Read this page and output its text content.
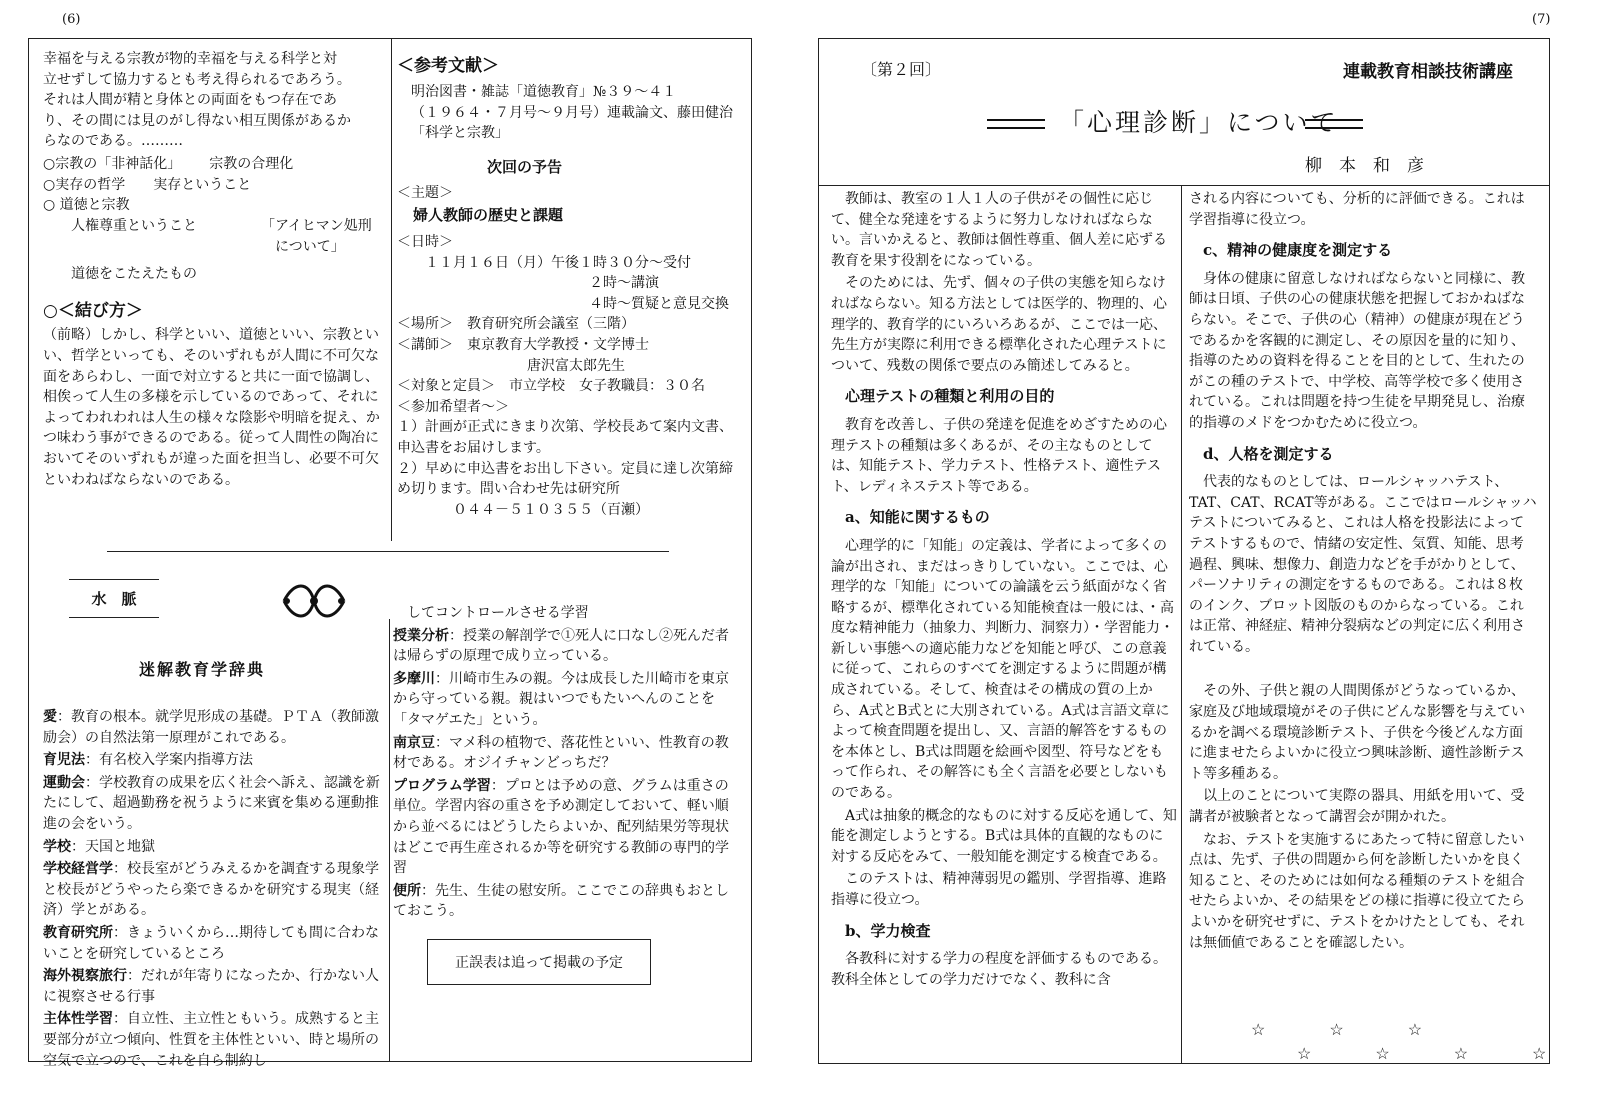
(6)
幸福を与える宗教が物的幸福を与える科学と対
立せずして協力するとも考え得られるであろう。
それは人間が精と身体との両面をもつ存在であ
り、その間には見のがし得ない相互関係があるか
らなのである。………
○宗教の「非神話化」 宗教の合理化
○実存の哲学 実存ということ
○ 道徳と宗教
人権尊重ということ	「アイヒマン処刑
について」
道徳をこたえたもの
○＜結び方＞
（前略）しかし、科学といい、道徳といい、宗教といい、哲学といっても、そのいずれもが人間に不可欠な面をあらわし、一面で対立すると共に一面で協調し、相俟って人生の多様を示しているのであって、それによってわれわれは人生の様々な陰影や明暗を捉え、かつ味わう事ができるのである。従って人間性の陶冶においてそのいずれもが違った面を担当し、必要不可欠といわねばならないのである。
＜参考文献＞
明治図書・雑誌「道徳教育」№３９～４１
（１９６４・７月号～９月号）連載論文、藤田健治
「科学と宗教」
次回の予告
＜主題＞
婦人教師の歴史と課題
＜日時＞
１１月１６日（月）午後１時３０分～受付
２時～講演
４時～質疑と意見交換
＜場所＞　教育研究所会議室（三階）
＜講師＞　東京教育大学教授・文学博士
唐沢富太郎先生
＜対象と定員＞　市立学校　女子教職員：３０名
＜参加希望者～＞
１）計画が正式にきまり次第、学校長あて案内文書、申込書をお届けします。
２）早めに申込書をお出し下さい。定員に達し次第締め切ります。問い合わせ先は研究所
０４４－５１０３５５（百瀬）
水　脈
迷解教育学辞典
愛：教育の根本。就学児形成の基礎。ＰＴＡ（教師激励会）の自然法第一原理がこれである。
育児法：有名校入学案内指導方法
運動会：学校教育の成果を広く社会へ訴え、認識を新たにして、超過勤務を祝うように来賓を集める運動推進の会をいう。
学校：天国と地獄
学校経営学：校長室がどうみえるかを調査する現象学と校長がどうやったら楽できるかを研究する現実（経済）学とがある。
教育研究所：きょういくから…期待しても間に合わないことを研究しているところ
海外視察旅行：だれが年寄りになったか、行かない人に視察させる行事
主体性学習：自立性、主立性ともいう。成熟すると主要部分が立つ傾向、性質を主体性といい、時と場所の空気で立つので、これを自ら制約し
してコントロールさせる学習
授業分析：授業の解剖学で①死人に口なし②死んだ者は帰らずの原理で成り立っている。
多摩川：川崎市生みの親。今は成長した川崎市を東京から守っている親。親はいつでもたいへんのことを「タマゲエた」という。
南京豆：マメ科の植物で、落花性といい、性教育の教材である。オジイチャンどっちだ？
プログラム学習：プロとは予めの意、グラムは重さの単位。学習内容の重さを予め測定しておいて、軽い順から並べるにはどうしたらよいか、配列結果労等現状はどこで再生産されるか等を研究する教師の専門的学習
便所：先生、生徒の慰安所。ここでこの辞典もおとしておこう。
正誤表は追って掲載の予定
(7)
〔第２回〕	連載教育相談技術講座
「心理診断」について
柳　本　和　彦
教師は、教室の１人１人の子供がその個性に応じて、健全な発達をするように努力しなければならない。言いかえると、教師は個性尊重、個人差に応ずる教育を果す役割をになっている。
そのためには、先ず、個々の子供の実態を知らなければならない。知る方法としては医学的、物理的、心理学的、教育学的にいろいろあるが、ここでは一応、先生方が実際に利用できる標準化された心理テストについて、残数の関係で要点のみ簡述してみると。
心理テストの種類と利用の目的
教育を改善し、子供の発達を促進をめざすための心理テストの種類は多くあるが、その主なものとしては、知能テスト、学力テスト、性格テスト、適性テスト、レディネステスト等である。
a、知能に関するもの
心理学的に「知能」の定義は、学者によって多くの論が出され、まだはっきりしていない。ここでは、心理学的な「知能」についての論議を云う紙面がなく省略するが、標準化されている知能検査は一般には、・高度な精神能力（抽象力、判断力、洞察力）・学習能力・新しい事態への適応能力などを知能と呼び、この意義に従って、これらのすべてを測定するように問題が構成されている。そして、検査はその構成の質の上から、A式とB式とに大別されている。A式は言語文章によって検査問題を提出し、又、言語的解答をするものを本体とし、B式は問題を絵画や図型、符号などをもって作られ、その解答にも全く言語を必要としないものである。
A式は抽象的概念的なものに対する反応を通して、知能を測定しようとする。B式は具体的直観的なものに対する反応をみて、一般知能を測定する検査である。
このテストは、精神薄弱児の鑑別、学習指導、進路指導に役立つ。
b、学力検査
各教科に対する学力の程度を評価するものである。教科全体としての学力だけでなく、教科に含
される内容についても、分析的に評価できる。これは学習指導に役立つ。
c、精神の健康度を測定する
身体の健康に留意しなければならないと同様に、教師は日頃、子供の心の健康状態を把握しておかねばならない。そこで、子供の心（精神）の健康が現在どうであるかを客観的に測定し、その原因を量的に知り、指導のための資料を得ることを目的として、生れたのがこの種のテストで、中学校、高等学校で多く使用されている。これは問題を持つ生徒を早期発見し、治療的指導のメドをつかむために役立つ。
d、人格を測定する
代表的なものとしては、ロールシャッハテスト、TAT、CAT、RCAT等がある。ここではロールシャッハテストについてみると、これは人格を投影法によってテストするもので、情緒の安定性、気質、知能、思考過程、興味、想像力、創造力などを手がかりとして、パーソナリティの測定をするものである。これは８枚のインク、ブロット図版のものからなっている。これは正常、神経症、精神分裂病などの判定に広く利用されている。
その外、子供と親の人間関係がどうなっているか、家庭及び地域環境がその子供にどんな影響を与えているかを調べる環境診断テスト、子供を今後どんな方面に進ませたらよいかに役立つ興味診断、適性診断テスト等多種ある。
以上のことについて実際の器具、用紙を用いて、受講者が被験者となって講習会が開かれた。
なお、テストを実施するにあたって特に留意したい点は、先ず、子供の問題から何を診断したいかを良く知ること、そのためには如何なる種類のテストを組合せたらよいか、その結果をどの様に指導に役立てたらよいかを研究せずに、テストをかけたとしても、それは無価値であることを確認したい。
☆　　　　☆　　　　☆
☆　　　　☆　　　　☆　　　　☆
